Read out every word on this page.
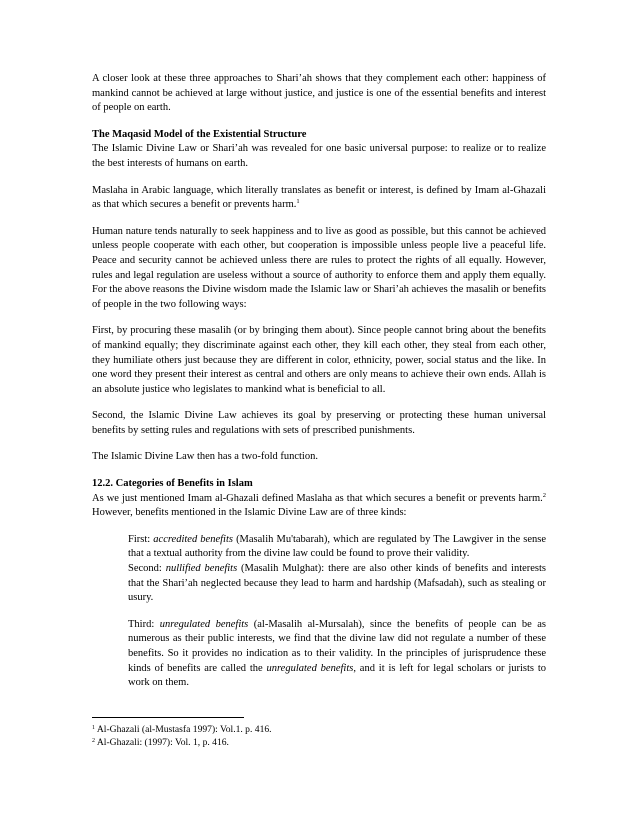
A closer look at these three approaches to Shari’ah shows that they complement each other: happiness of mankind cannot be achieved at large without justice, and justice is one of the essential benefits and interest of people on earth.

The Maqasid Model of the Existential Structure

The Islamic Divine Law or Shari’ah was revealed for one basic universal purpose: to realize or to realize the best interests of humans on earth.

Maslaha in Arabic language, which literally translates as benefit or interest, is defined by Imam al-Ghazali as that which secures a benefit or prevents harm.$^1$

Human nature tends naturally to seek happiness and to live as good as possible, but this cannot be achieved unless people cooperate with each other, but cooperation is impossible unless people live a peaceful life. Peace and security cannot be achieved unless there are rules to protect the rights of all equally. However, rules and legal regulation are useless without a source of authority to enforce them and apply them equally. For the above reasons the Divine wisdom made the Islamic law or Shari’ah achieves the masalih or benefits of people in the two following ways:

First, by procuring these masalih (or by bringing them about). Since people cannot bring about the benefits of mankind equally; they discriminate against each other, they kill each other, they steal from each other, they humiliate others just because they are different in color, ethnicity, power, social status and the like. In one word they present their interest as central and others are only means to achieve their own ends. Allah is an absolute justice who legislates to mankind what is beneficial to all.

Second, the Islamic Divine Law achieves its goal by preserving or protecting these human universal benefits by setting rules and regulations with sets of prescribed punishments.

The Islamic Divine Law then has a two-fold function.

12.2. Categories of Benefits in Islam

As we just mentioned Imam al-Ghazali defined Maslaha as that which secures a benefit or prevents harm.$^2$ However, benefits mentioned in the Islamic Divine Law are of three kinds:

First: accredited benefits (Masalih Mu'tabarah), which are regulated by The Lawgiver in the sense that a textual authority from the divine law could be found to prove their validity.

Second: nullified benefits (Masalih Mulghat): there are also other kinds of benefits and interests that the Shari’ah neglected because they lead to harm and hardship (Mafsadah), such as stealing or usury.

Third: unregulated benefits (al-Masalih al-Mursalah), since the benefits of people can be as numerous as their public interests, we find that the divine law did not regulate a number of these benefits. So it provides no indication as to their validity. In the principles of jurisprudence these kinds of benefits are called the unregulated benefits, and it is left for legal scholars or jurists to work on them.

$^1$ Al-Ghazali (al-Mustasfa 1997): Vol.1. p. 416.

$^2$ Al-Ghazali: (1997): Vol. 1, p. 416.
